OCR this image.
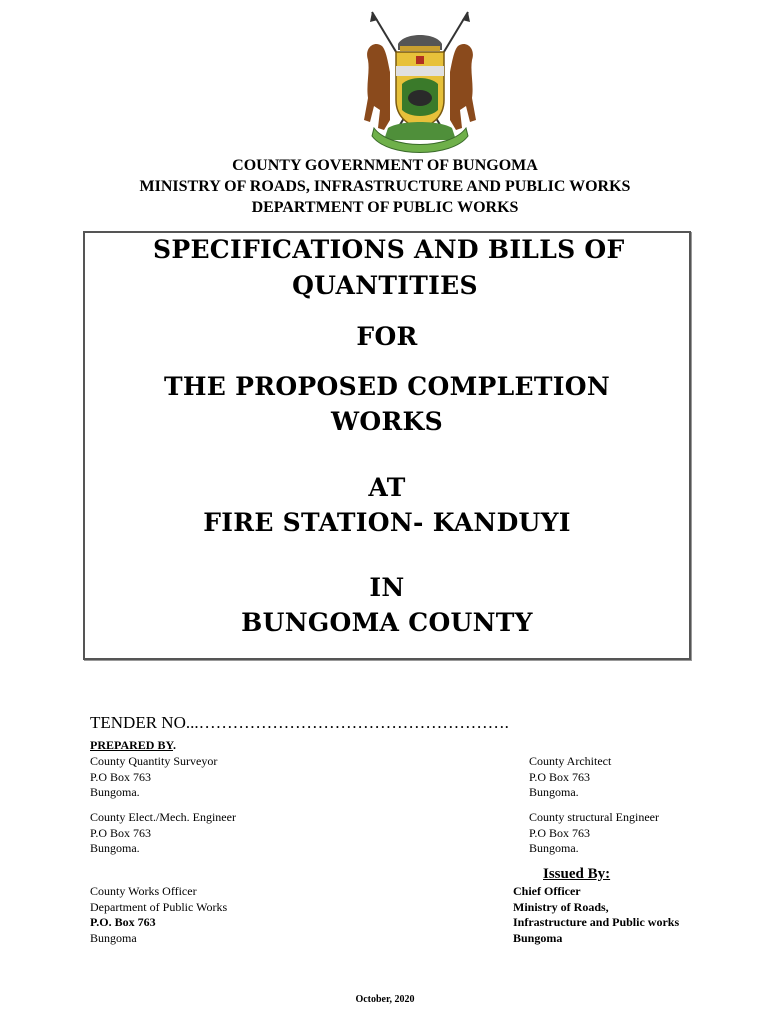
COUNTY GOVERNMENT OF BUNGOMA
MINISTRY OF ROADS, INFRASTRUCTURE AND PUBLIC WORKS
DEPARTMENT OF PUBLIC WORKS
SPECIFICATIONS AND BILLS OF
QUANTITIES
FOR
THE PROPOSED COMPLETION
WORKS
AT
FIRE STATION- KANDUYI
IN
BUNGOMA COUNTY
TENDER NO...……………………………………………….
PREPARED BY.
County Quantity Surveyor
P.O Box 763
Bungoma.
County Architect
P.O Box 763
Bungoma.
County Elect./Mech. Engineer
P.O Box 763
Bungoma.
County structural Engineer
P.O Box 763
Bungoma.
Issued By:
County Works Officer
Department of Public Works
P.O. Box 763
Bungoma
Chief Officer
Ministry of Roads,
Infrastructure and Public works
Bungoma
October, 2020
